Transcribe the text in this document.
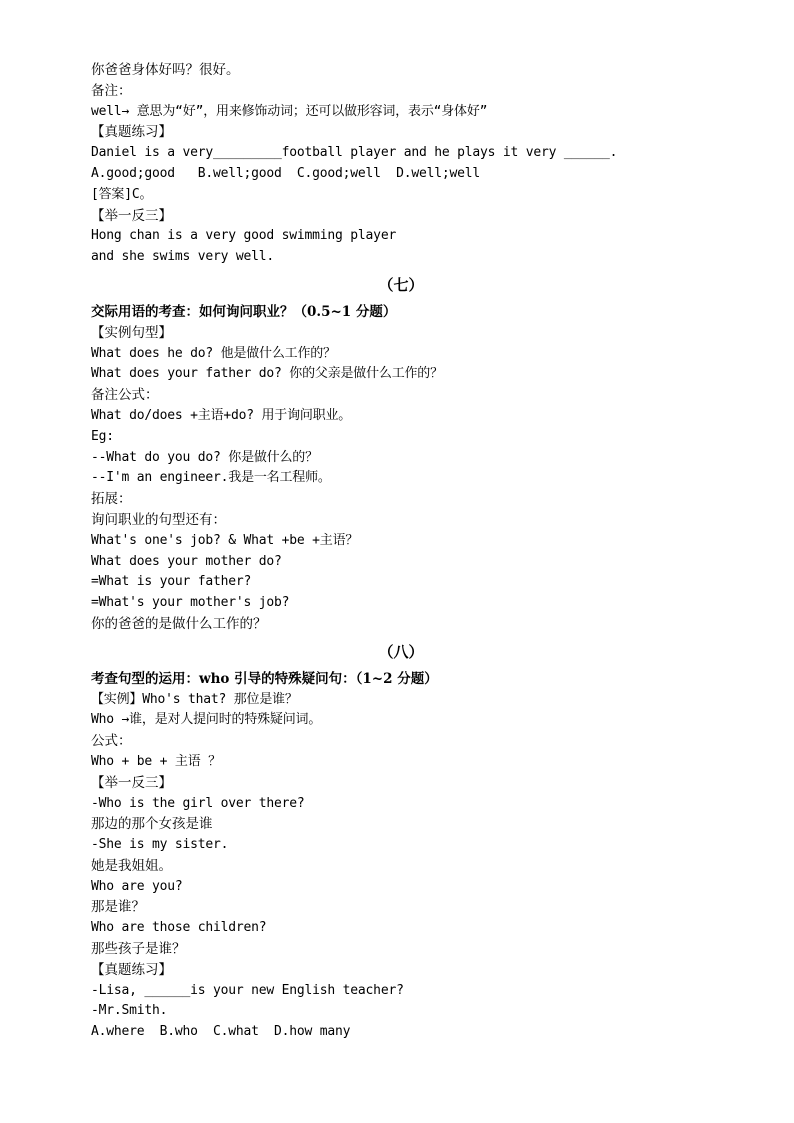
你爸爸身体好吗？很好。
备注：
well→ 意思为“好”，用来修饰动词；还可以做形容词，表示“身体好”
【真题练习】
Daniel is a very_________football player and he plays it very ______.
A.good;good   B.well;good  C.good;well  D.well;well
[答案]C。
【举一反三】
Hong chan is a very good swimming player
and she swims very well.
（七）
交际用语的考查：如何询问职业？（0.5~1 分题）
【实例句型】
What does he do? 他是做什么工作的？
What does your father do? 你的父亲是做什么工作的？
备注公式：
What do/does +主语+do? 用于询问职业。
Eg:
--What do you do? 你是做什么的？
--I'm an engineer.我是一名工程师。
拓展：
询问职业的句型还有：
What's one's job? & What +be +主语？
What does your mother do?
=What is your father?
=What's your mother's job?
你的爸爸的是做什么工作的？
（八）
考查句型的运用：who 引导的特殊疑问句：（1~2 分题）
【实例】Who's that? 那位是谁？
Who →谁，是对人提问时的特殊疑问词。
公式：
Who + be + 主语 ？
【举一反三】
-Who is the girl over there?
那边的那个女孩是谁
-She is my sister.
她是我姐姐。
Who are you?
那是谁？
Who are those children?
那些孩子是谁？
【真题练习】
-Lisa, ______is your new English teacher?
-Mr.Smith.
A.where  B.who  C.what  D.how many
